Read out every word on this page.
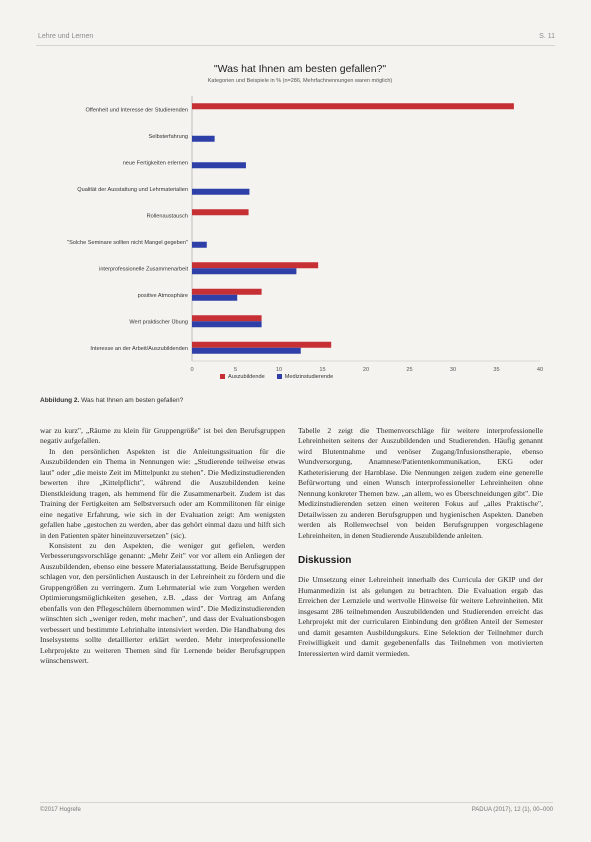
Lehre und Lernen	S. 11
"Was hat Ihnen am besten gefallen?"
Kategorien und Beispiele in % (n=286, Mehrfachnennungen waren möglich)
Offenheit und Interesse der Studierenden
Selbsterfahrung
neue Fertigkeiten erlernen
Qualität der Ausstattung und Lehrmaterialien
Rollenaustausch
"Solche Seminare sollten nicht Mangel gegeben"
interprofessionelle Zusammenarbeit
positive Atmosphäre
Wert praktischer Übung
Interesse an der Arbeit/Auszubildenden
0	5	10	15	20	25	30	35	40
Auszubildende	Medizinstudierende
Abbildung 2. Was hat Ihnen am besten gefallen?

war zu kurz", „Räume zu klein für Gruppengröße" ist bei den Berufsgruppen negativ aufgefallen.

In den persönlichen Aspekten ist die Anleitungssituation für die Auszubildenden ein Thema in Nennungen wie: „Studierende teilweise etwas laut" oder „die meiste Zeit im Mittelpunkt zu stehen". Die Medizinstudierenden bewerten ihre „Kittelpflicht", während die Auszubildenden keine Dienstkleidung tragen, als hemmend für die Zusammenarbeit. Zudem ist das Training der Fertigkeiten am Selbstversuch oder am Kommilitonen für einige eine negative Erfahrung, wie sich in der Evaluation zeigt: Am wenigsten gefallen habe „gestochen zu werden, aber das gehört einmal dazu und hilft sich in den Patienten später hineinzuversetzen" (sic).

Konsistent zu den Aspekten, die weniger gut gefielen, werden Verbesserungsvorschläge genannt: „Mehr Zeit" vor vor allem ein Anliegen der Auszubildenden, ebenso eine bessere Materialausstattung. Beide Berufsgruppen schlagen vor, den persönlichen Austausch in der Lehreinheit zu fördern und die Gruppengrößen zu verringern. Zum Lehrmaterial wie zum Vorgehen werden Optimierungsmöglichkeiten gesehen, z.B. „dass der Vortrag am Anfang ebenfalls von den Pflegeschülern übernommen wird". Die Medizinstudierenden wünschten sich „weniger reden, mehr machen", und dass der Evaluationsbogen verbessert und bestimmte Lehrinhalte intensiviert werden. Die Handhabung des Inselsystems sollte detaillierter erklärt werden. Mehr interprofessionelle Lehrprojekte zu weiteren Themen sind für Lernende beider Berufsgruppen wünschenswert.

Tabelle 2 zeigt die Themenvorschläge für weitere interprofessionelle Lehreinheiten seitens der Auszubildenden und Studierenden. Häufig genannt wird Blutentnahme und venöser Zugang/Infusionstherapie, ebenso Wundversorgung, Anamnese/Patientenkommunikation, EKG oder Katheterisierung der Harnblase. Die Nennungen zeigen zudem eine generelle Befürwortung und einen Wunsch interprofessioneller Lehreinheiten ohne Nennung konkreter Themen bzw. „an allem, wo es Überschneidungen gibt". Die Medizinstudierenden setzen einen weiteren Fokus auf „alles Praktische", Detailwissen zu anderen Berufsgruppen und hygienischen Aspekten. Daneben werden als Rollenwechsel von beiden Berufsgruppen vorgeschlagene Lehreinheiten, in denen Studierende Auszubildende anleiten.

Diskussion

Die Umsetzung einer Lehreinheit innerhalb des Curricula der GKIP und der Humanmedizin ist als gelungen zu betrachten. Die Evaluation ergab das Erreichen der Lernziele und wertvolle Hinweise für weitere Lehreinheiten. Mit insgesamt 286 teilnehmenden Auszubildenden und Studierenden erreicht das Lehrprojekt mit der curricularen Einbindung den größten Anteil der Semester und damit gesamten Ausbildungskurs. Eine Selektion der Teilnehmer durch Freiwilligkeit und damit gegebenenfalls das Teilnehmen von motivierten Interessierten wird damit vermieden.

©2017 Hogrefe	PADUA (2017), 12 (1), 00–000
